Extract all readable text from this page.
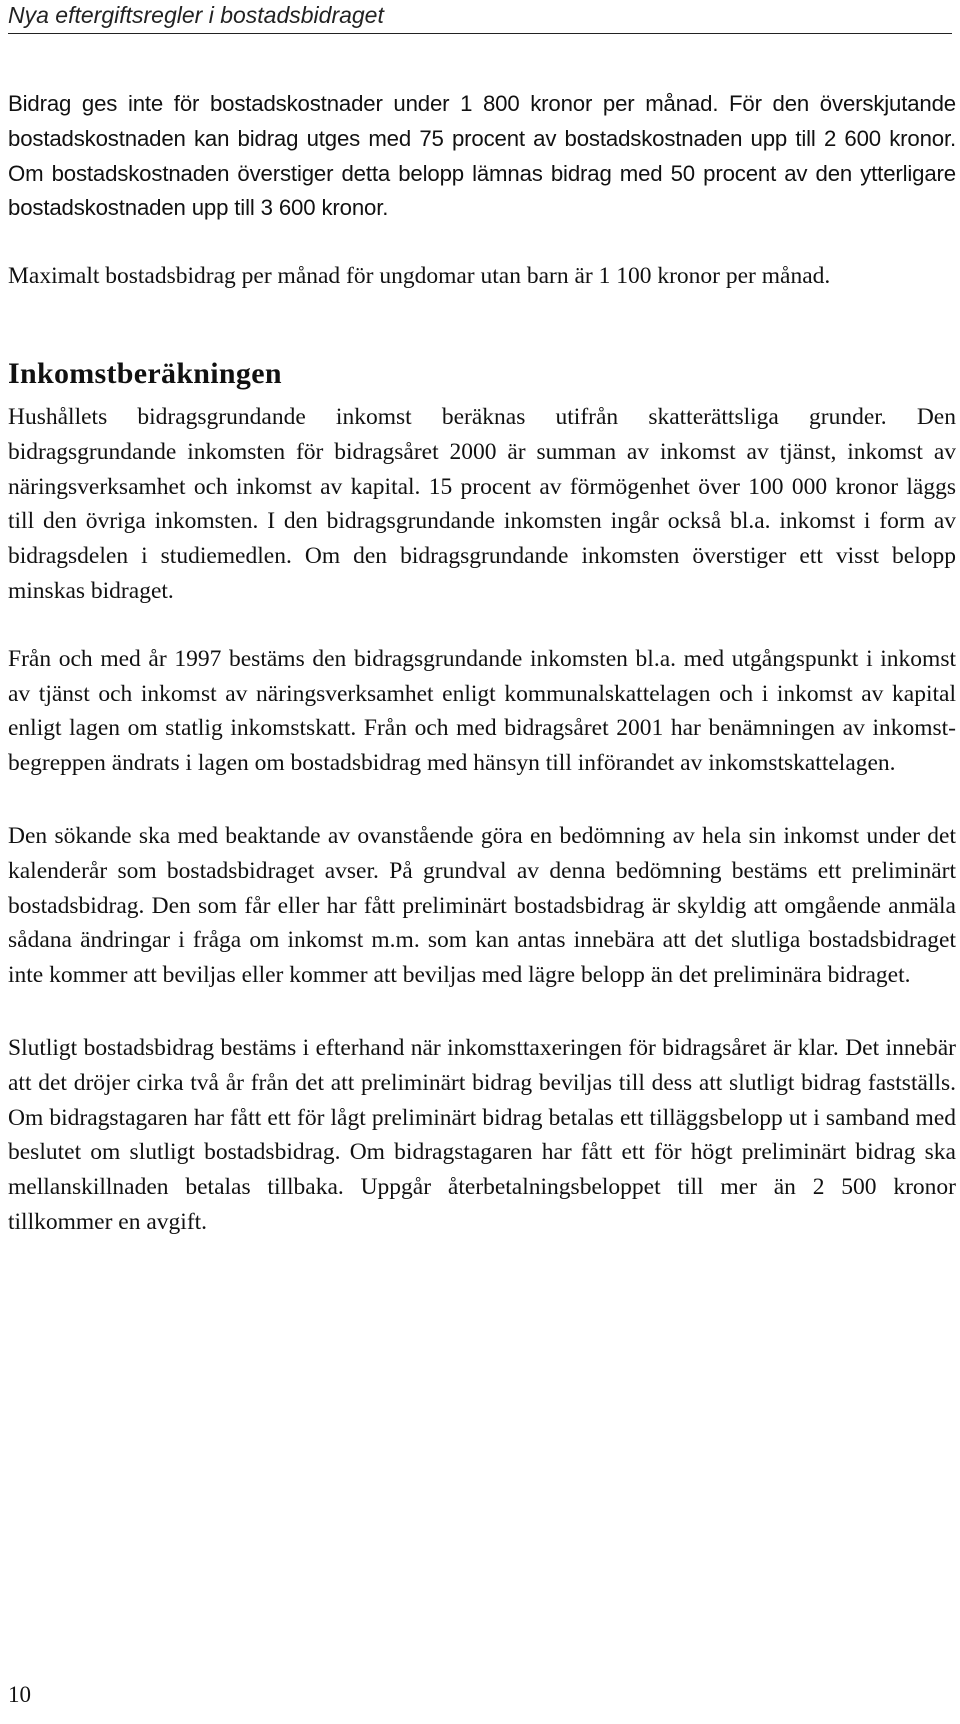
Nya eftergiftsregler i bostadsbidraget

Bidrag ges inte för bostadskostnader under 1 800 kronor per månad. För den överskjutande bostadskostnaden kan bidrag utges med 75 procent av bostadskostnaden upp till 2 600 kronor. Om bostadskostnaden överstiger detta belopp lämnas bidrag med 50 procent av den ytterligare bostadskostnaden upp till 3 600 kronor.

Maximalt bostadsbidrag per månad för ungdomar utan barn är 1 100 kronor per månad.

Inkomstberäkningen

Hushållets bidragsgrundande inkomst beräknas utifrån skatterättsliga grunder. Den bidragsgrundande inkomsten för bidragsåret 2000 är summan av inkomst av tjänst, inkomst av näringsverksamhet och inkomst av kapital. 15 procent av förmögenhet över 100 000 kronor läggs till den övriga inkomsten. I den bidragsgrundande inkomsten ingår också bl.a. inkomst i form av bidragsdelen i studiemedlen. Om den bidragsgrundande inkomsten överstiger ett visst belopp minskas bidraget.

Från och med år 1997 bestäms den bidragsgrundande inkomsten bl.a. med utgångspunkt i inkomst av tjänst och inkomst av näringsverksamhet enligt kommunalskattelagen och i inkomst av kapital enligt lagen om statlig inkomstskatt. Från och med bidragsåret 2001 har benämningen av inkomstbegreppen ändrats i lagen om bostadsbidrag med hänsyn till införandet av inkomstskattelagen.

Den sökande ska med beaktande av ovanstående göra en bedömning av hela sin inkomst under det kalenderår som bostadsbidraget avser. På grundval av denna bedömning bestäms ett preliminärt bostadsbidrag. Den som får eller har fått preliminärt bostadsbidrag är skyldig att omgående anmäla sådana ändringar i fråga om inkomst m.m. som kan antas innebära att det slutliga bostadsbidraget inte kommer att beviljas eller kommer att beviljas med lägre belopp än det preliminära bidraget.

Slutligt bostadsbidrag bestäms i efterhand när inkomsttaxeringen för bidragsåret är klar. Det innebär att det dröjer cirka två år från det att preliminärt bidrag beviljas till dess att slutligt bidrag fastställs. Om bidragstagaren har fått ett för lågt preliminärt bidrag betalas ett tilläggsbelopp ut i samband med beslutet om slutligt bostadsbidrag. Om bidragstagaren har fått ett för högt preliminärt bidrag ska mellanskillnaden betalas tillbaka. Uppgår återbetalningsbeloppet till mer än 2 500 kronor tillkommer en avgift.

10
